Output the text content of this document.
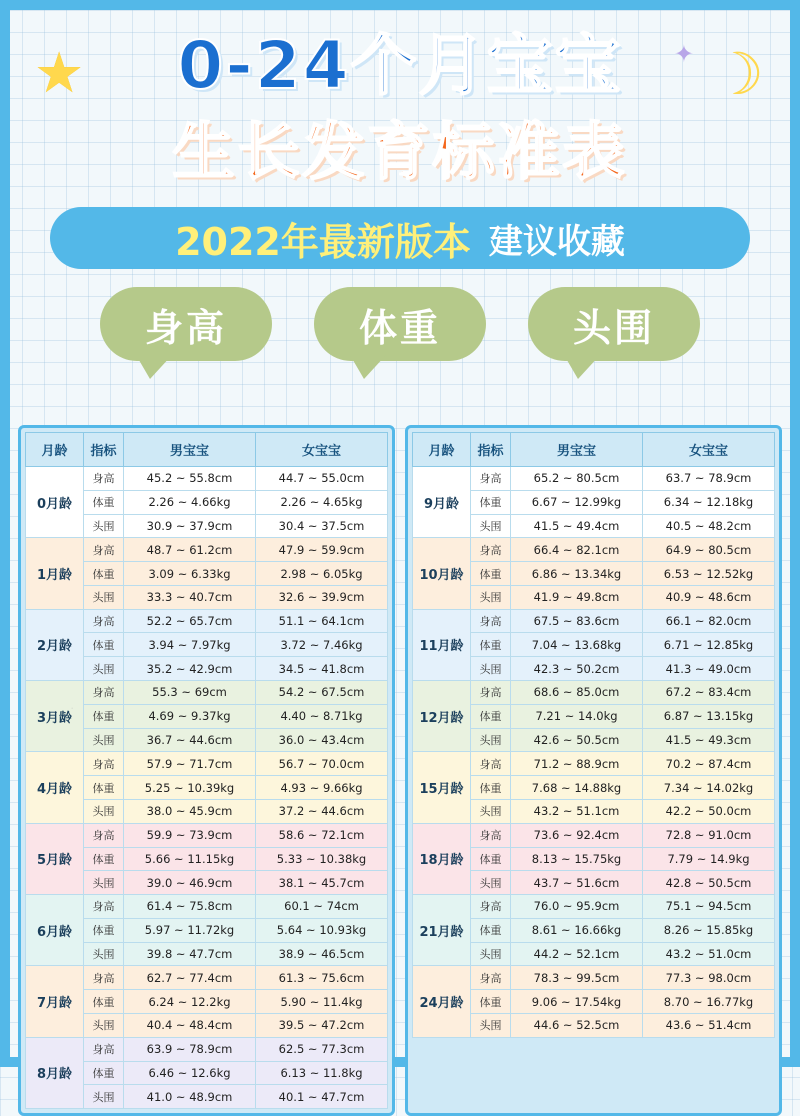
★ 0-24个月宝宝 ✦ ☽
生长发育标准表
2022年最新版本 建议收藏
身高	体重	头围
月龄	指标	男宝宝	女宝宝
0月龄	身高	45.2 ~ 55.8cm	44.7 ~ 55.0cm
	体重	2.26 ~ 4.66kg	2.26 ~ 4.65kg
	头围	30.9 ~ 37.9cm	30.4 ~ 37.5cm
1月龄	身高	48.7 ~ 61.2cm	47.9 ~ 59.9cm
	体重	3.09 ~ 6.33kg	2.98 ~ 6.05kg
	头围	33.3 ~ 40.7cm	32.6 ~ 39.9cm
2月龄	身高	52.2 ~ 65.7cm	51.1 ~ 64.1cm
	体重	3.94 ~ 7.97kg	3.72 ~ 7.46kg
	头围	35.2 ~ 42.9cm	34.5 ~ 41.8cm
3月龄	身高	55.3 ~ 69cm	54.2 ~ 67.5cm
	体重	4.69 ~ 9.37kg	4.40 ~ 8.71kg
	头围	36.7 ~ 44.6cm	36.0 ~ 43.4cm
4月龄	身高	57.9 ~ 71.7cm	56.7 ~ 70.0cm
	体重	5.25 ~ 10.39kg	4.93 ~ 9.66kg
	头围	38.0 ~ 45.9cm	37.2 ~ 44.6cm
5月龄	身高	59.9 ~ 73.9cm	58.6 ~ 72.1cm
	体重	5.66 ~ 11.15kg	5.33 ~ 10.38kg
	头围	39.0 ~ 46.9cm	38.1 ~ 45.7cm
6月龄	身高	61.4 ~ 75.8cm	60.1 ~ 74cm
	体重	5.97 ~ 11.72kg	5.64 ~ 10.93kg
	头围	39.8 ~ 47.7cm	38.9 ~ 46.5cm
7月龄	身高	62.7 ~ 77.4cm	61.3 ~ 75.6cm
	体重	6.24 ~ 12.2kg	5.90 ~ 11.4kg
	头围	40.4 ~ 48.4cm	39.5 ~ 47.2cm
8月龄	身高	63.9 ~ 78.9cm	62.5 ~ 77.3cm
	体重	6.46 ~ 12.6kg	6.13 ~ 11.8kg
	头围	41.0 ~ 48.9cm	40.1 ~ 47.7cm
月龄	指标	男宝宝	女宝宝
9月龄	身高	65.2 ~ 80.5cm	63.7 ~ 78.9cm
	体重	6.67 ~ 12.99kg	6.34 ~ 12.18kg
	头围	41.5 ~ 49.4cm	40.5 ~ 48.2cm
10月龄	身高	66.4 ~ 82.1cm	64.9 ~ 80.5cm
	体重	6.86 ~ 13.34kg	6.53 ~ 12.52kg
	头围	41.9 ~ 49.8cm	40.9 ~ 48.6cm
11月龄	身高	67.5 ~ 83.6cm	66.1 ~ 82.0cm
	体重	7.04 ~ 13.68kg	6.71 ~ 12.85kg
	头围	42.3 ~ 50.2cm	41.3 ~ 49.0cm
12月龄	身高	68.6 ~ 85.0cm	67.2 ~ 83.4cm
	体重	7.21 ~ 14.0kg	6.87 ~ 13.15kg
	头围	42.6 ~ 50.5cm	41.5 ~ 49.3cm
15月龄	身高	71.2 ~ 88.9cm	70.2 ~ 87.4cm
	体重	7.68 ~ 14.88kg	7.34 ~ 14.02kg
	头围	43.2 ~ 51.1cm	42.2 ~ 50.0cm
18月龄	身高	73.6 ~ 92.4cm	72.8 ~ 91.0cm
	体重	8.13 ~ 15.75kg	7.79 ~ 14.9kg
	头围	43.7 ~ 51.6cm	42.8 ~ 50.5cm
21月龄	身高	76.0 ~ 95.9cm	75.1 ~ 94.5cm
	体重	8.61 ~ 16.66kg	8.26 ~ 15.85kg
	头围	44.2 ~ 52.1cm	43.2 ~ 51.0cm
24月龄	身高	78.3 ~ 99.5cm	77.3 ~ 98.0cm
	体重	9.06 ~ 17.54kg	8.70 ~ 16.77kg
	头围	44.6 ~ 52.5cm	43.6 ~ 51.4cm
